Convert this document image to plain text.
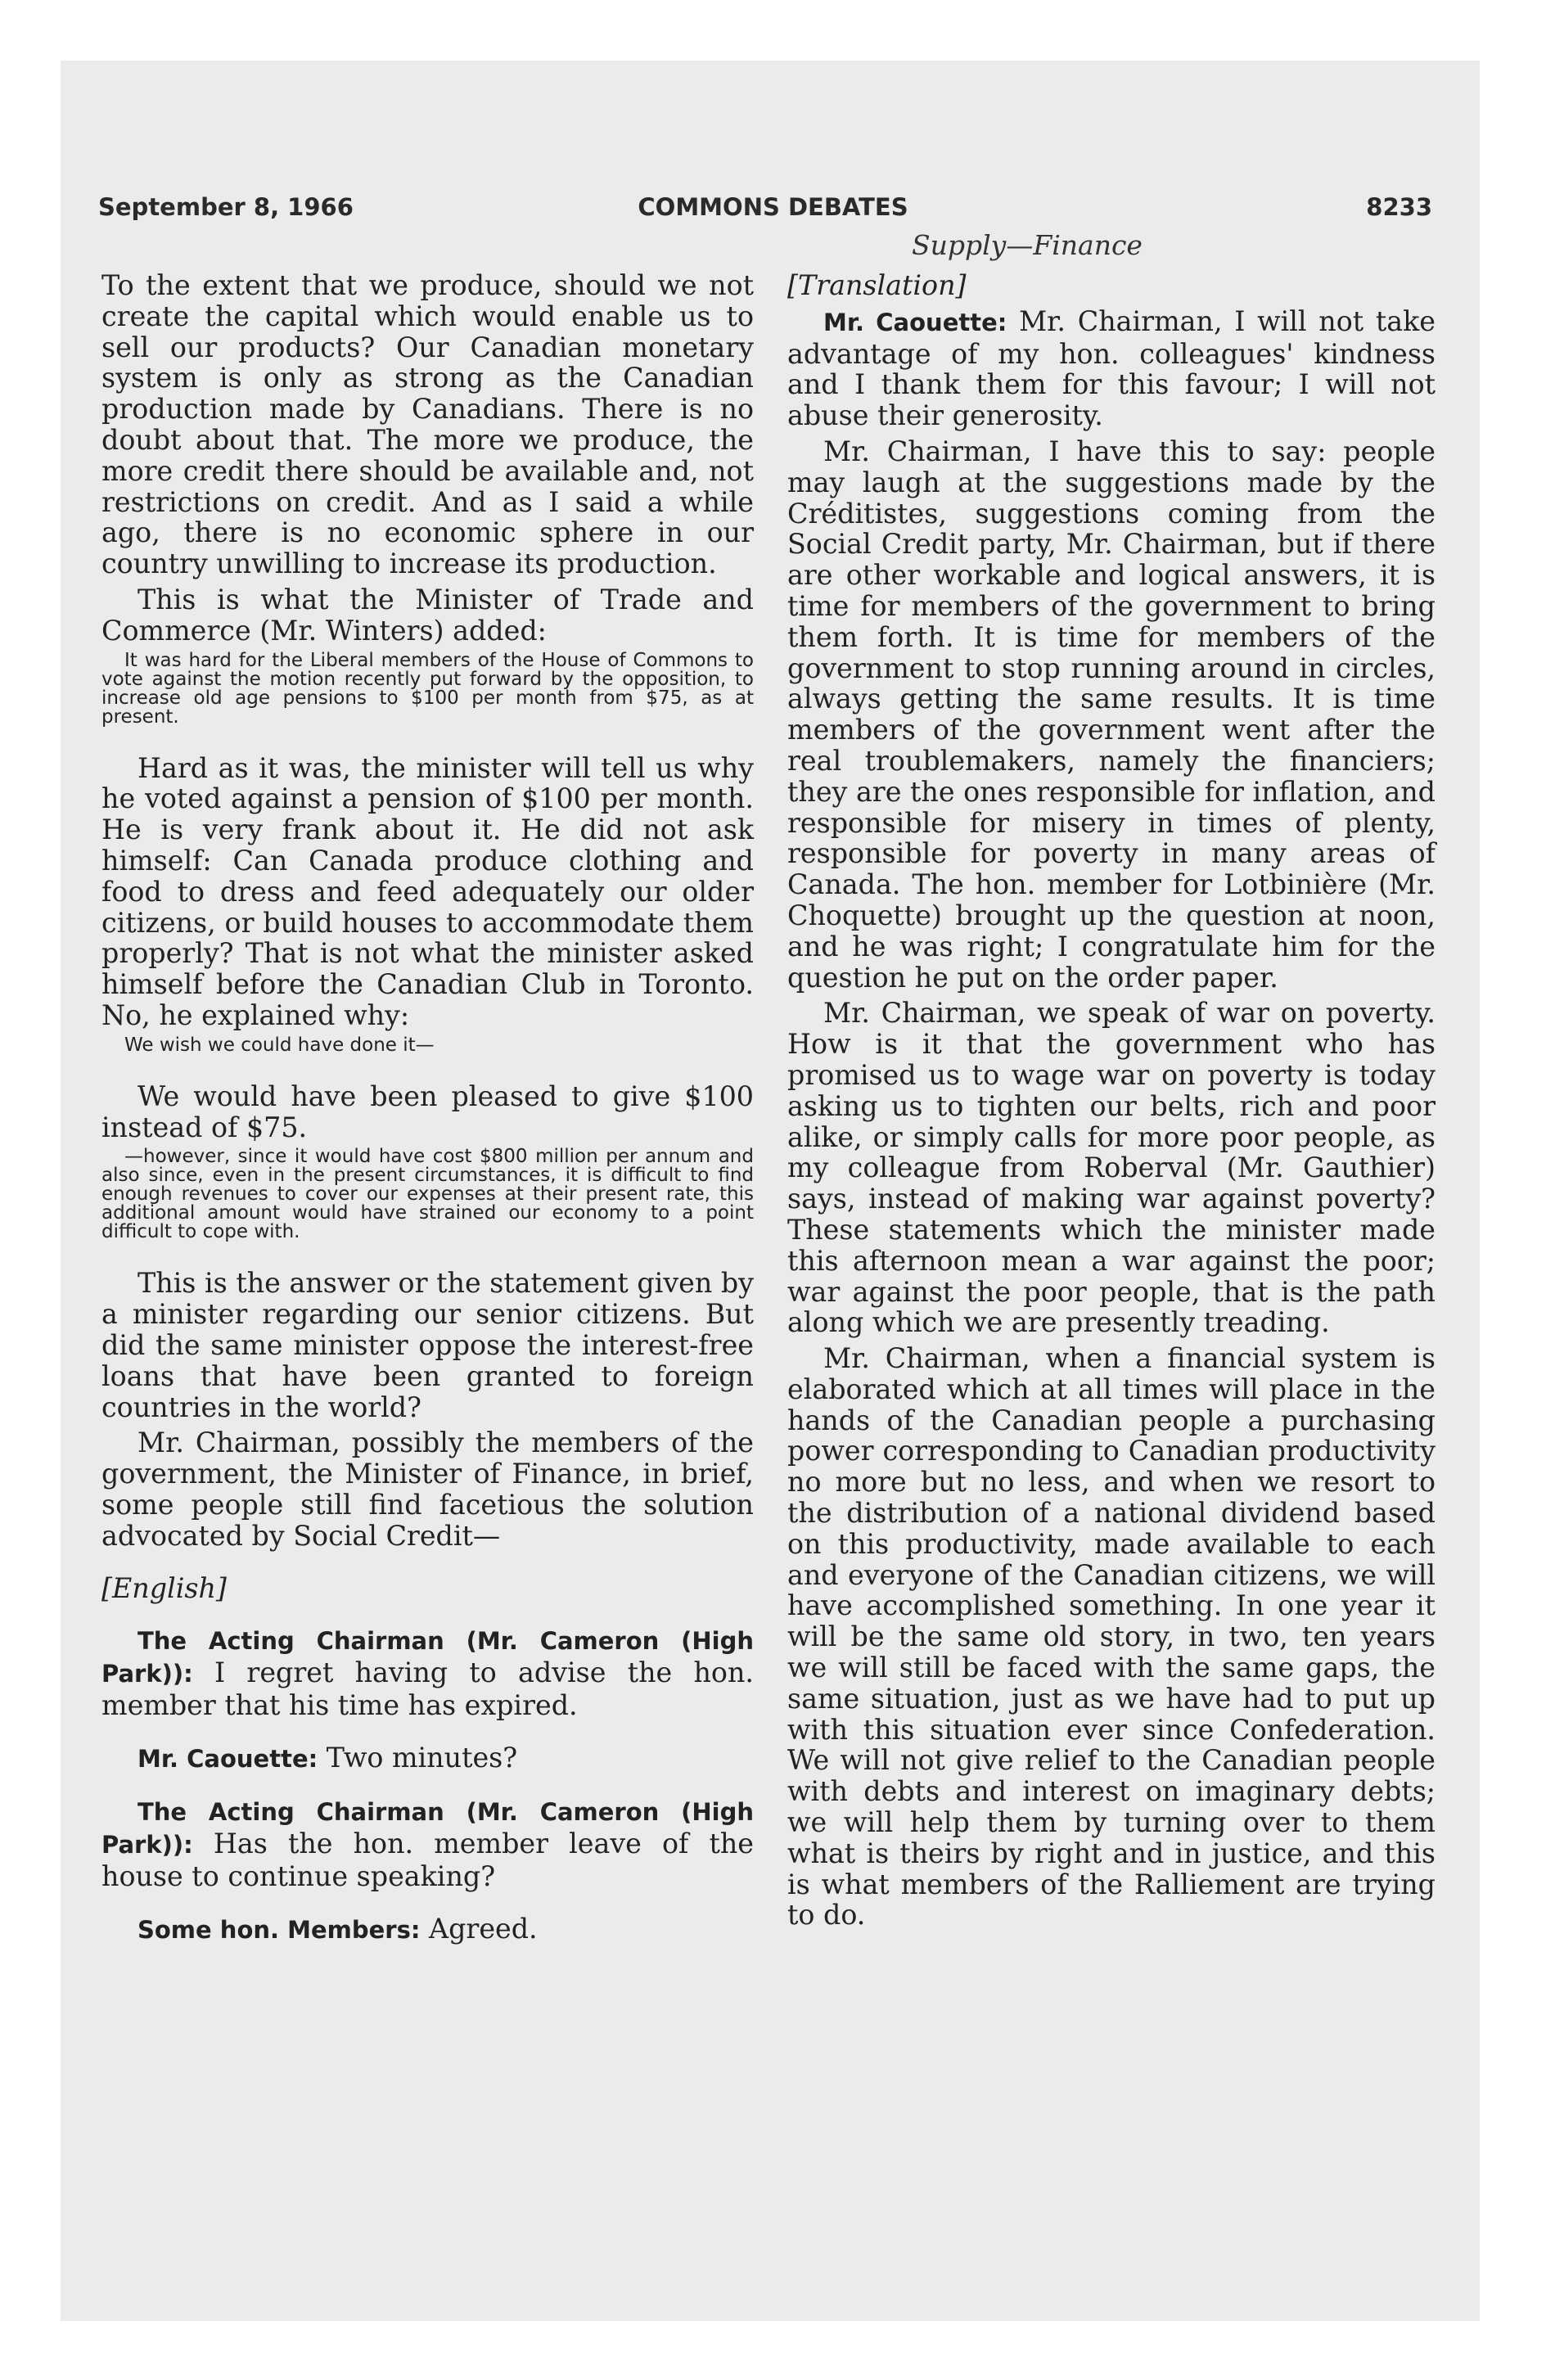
September 8, 1966	COMMONS DEBATES	8233
Supply—Finance

To the extent that we produce, should we not create the capital which would enable us to sell our products? Our Canadian monetary system is only as strong as the Canadian production made by Canadians. There is no doubt about that. The more we produce, the more credit there should be available and, not restrictions on credit. And as I said a while ago, there is no economic sphere in our country unwilling to increase its production.

This is what the Minister of Trade and Commerce (Mr. Winters) added:

It was hard for the Liberal members of the House of Commons to vote against the motion recently put forward by the opposition, to increase old age pensions to $100 per month from $75, as at present.

Hard as it was, the minister will tell us why he voted against a pension of $100 per month. He is very frank about it. He did not ask himself: Can Canada produce clothing and food to dress and feed adequately our older citizens, or build houses to accommodate them properly? That is not what the minister asked himself before the Canadian Club in Toronto. No, he explained why:

We wish we could have done it—

We would have been pleased to give $100 instead of $75.

—however, since it would have cost $800 million per annum and also since, even in the present circumstances, it is difficult to find enough revenues to cover our expenses at their present rate, this additional amount would have strained our economy to a point difficult to cope with.

This is the answer or the statement given by a minister regarding our senior citizens. But did the same minister oppose the interest-free loans that have been granted to foreign countries in the world?

Mr. Chairman, possibly the members of the government, the Minister of Finance, in brief, some people still find facetious the solution advocated by Social Credit—

[English]

The Acting Chairman (Mr. Cameron (High Park)): I regret having to advise the hon. member that his time has expired.

Mr. Caouette: Two minutes?

The Acting Chairman (Mr. Cameron (High Park)): Has the hon. member leave of the house to continue speaking?

Some hon. Members: Agreed.

[Translation]

Mr. Caouette: Mr. Chairman, I will not take advantage of my hon. colleagues' kindness and I thank them for this favour; I will not abuse their generosity.

Mr. Chairman, I have this to say: people may laugh at the suggestions made by the Créditistes, suggestions coming from the Social Credit party, Mr. Chairman, but if there are other workable and logical answers, it is time for members of the government to bring them forth. It is time for members of the government to stop running around in circles, always getting the same results. It is time members of the government went after the real troublemakers, namely the financiers; they are the ones responsible for inflation, and responsible for misery in times of plenty, responsible for poverty in many areas of Canada. The hon. member for Lotbinière (Mr. Choquette) brought up the question at noon, and he was right; I congratulate him for the question he put on the order paper.

Mr. Chairman, we speak of war on poverty. How is it that the government who has promised us to wage war on poverty is today asking us to tighten our belts, rich and poor alike, or simply calls for more poor people, as my colleague from Roberval (Mr. Gauthier) says, instead of making war against poverty? These statements which the minister made this afternoon mean a war against the poor; war against the poor people, that is the path along which we are presently treading.

Mr. Chairman, when a financial system is elaborated which at all times will place in the hands of the Canadian people a purchasing power corresponding to Canadian productivity no more but no less, and when we resort to the distribution of a national dividend based on this productivity, made available to each and everyone of the Canadian citizens, we will have accomplished something. In one year it will be the same old story, in two, ten years we will still be faced with the same gaps, the same situation, just as we have had to put up with this situation ever since Confederation. We will not give relief to the Canadian people with debts and interest on imaginary debts; we will help them by turning over to them what is theirs by right and in justice, and this is what members of the Ralliement are trying to do.
